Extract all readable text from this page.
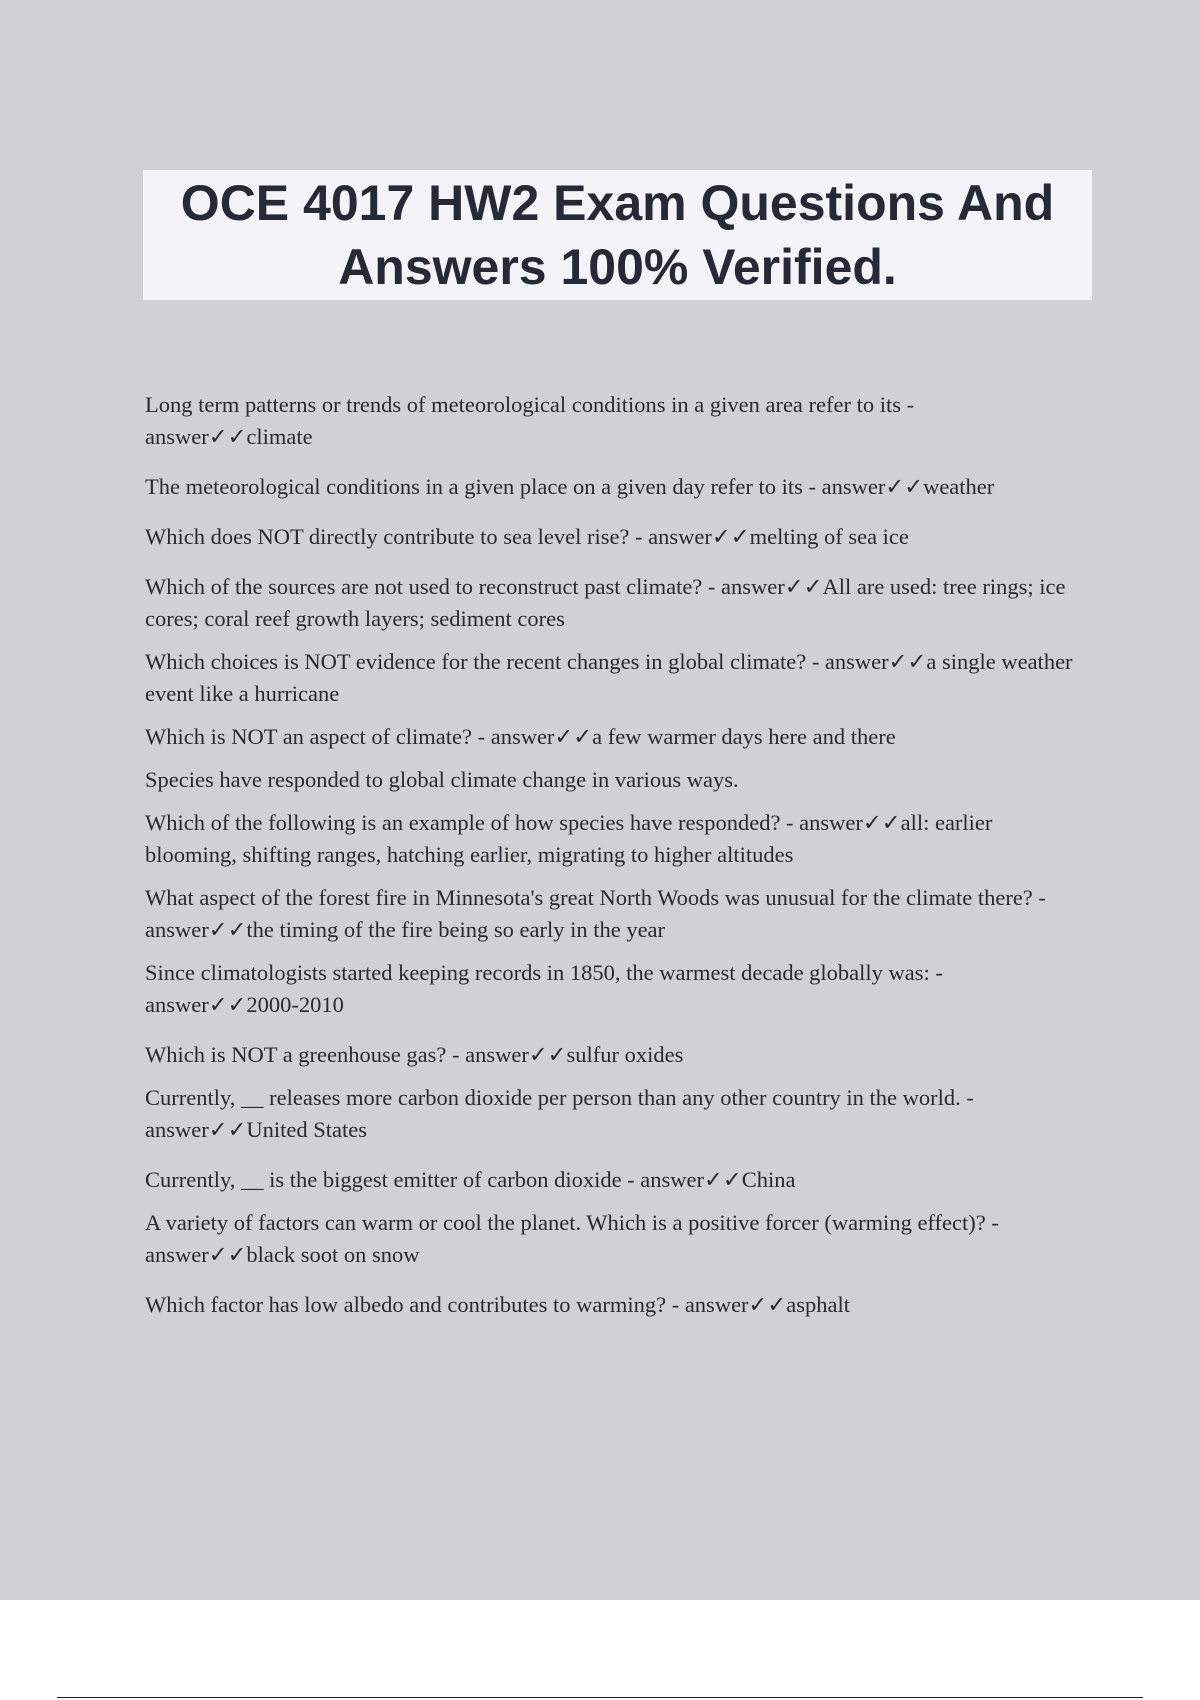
OCE 4017 HW2 Exam Questions And Answers 100% Verified.
Long term patterns or trends of meteorological conditions in a given area refer to its - answer✓✓climate
The meteorological conditions in a given place on a given day refer to its - answer✓✓weather
Which does NOT directly contribute to sea level rise? - answer✓✓melting of sea ice
Which of the sources are not used to reconstruct past climate? - answer✓✓All are used: tree rings; ice cores; coral reef growth layers; sediment cores
Which choices is NOT evidence for the recent changes in global climate? - answer✓✓a single weather event like a hurricane
Which is NOT an aspect of climate? - answer✓✓a few warmer days here and there
Species have responded to global climate change in various ways.
Which of the following is an example of how species have responded? - answer✓✓all: earlier blooming, shifting ranges, hatching earlier, migrating to higher altitudes
What aspect of the forest fire in Minnesota's great North Woods was unusual for the climate there? - answer✓✓the timing of the fire being so early in the year
Since climatologists started keeping records in 1850, the warmest decade globally was: - answer✓✓2000-2010
Which is NOT a greenhouse gas? - answer✓✓sulfur oxides
Currently, __ releases more carbon dioxide per person than any other country in the world. - answer✓✓United States
Currently, __ is the biggest emitter of carbon dioxide - answer✓✓China
A variety of factors can warm or cool the planet. Which is a positive forcer (warming effect)? - answer✓✓black soot on snow
Which factor has low albedo and contributes to warming? - answer✓✓asphalt
